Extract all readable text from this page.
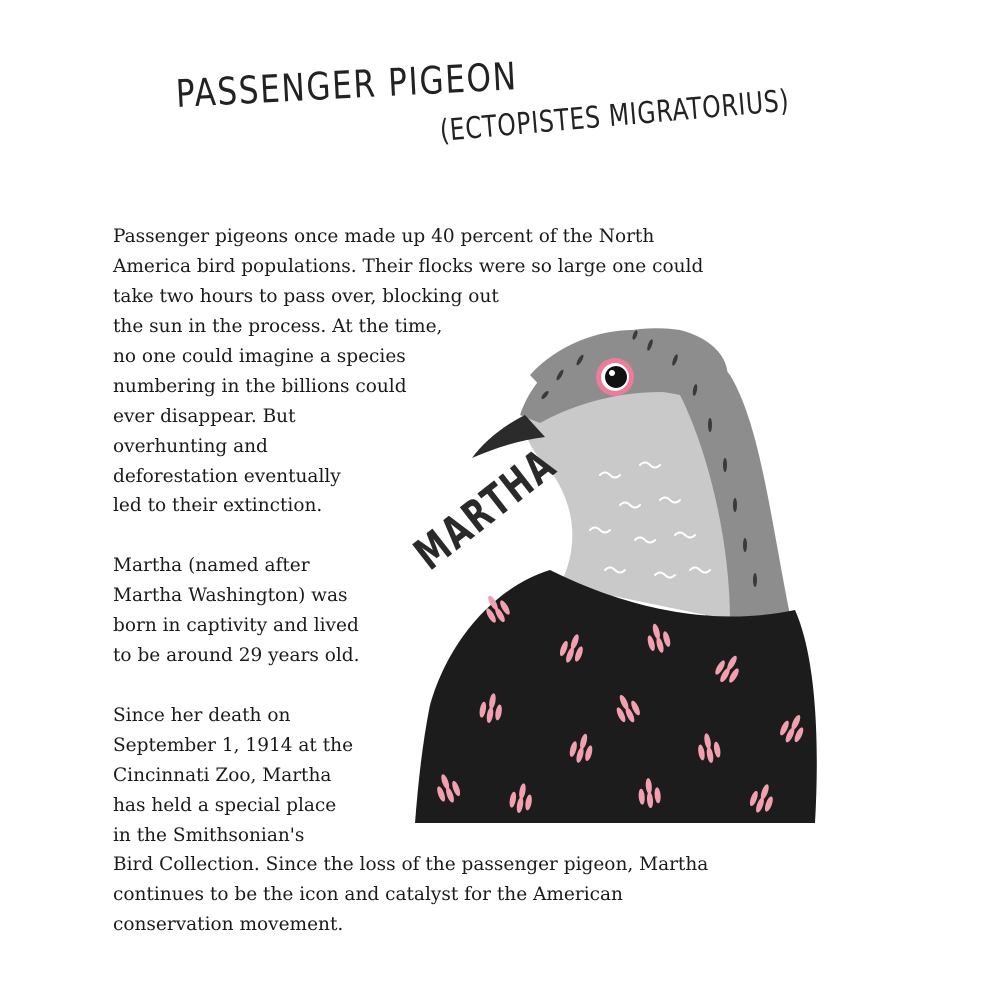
PASSENGER PIGEON
(ECTOPISTES MIGRATORIUS)
Passenger pigeons once made up 40 percent of the North
America bird populations. Their flocks were so large one could
take two hours to pass over, blocking out
the sun in the process. At the time,
no one could imagine a species
numbering in the billions could
ever disappear. But
overhunting and
deforestation eventually
led to their extinction.
Martha (named after
Martha Washington) was
born in captivity and lived
to be around 29 years old.
Since her death on
September 1, 1914 at the
Cincinnati Zoo, Martha
has held a special place
in the Smithsonian's
Bird Collection. Since the loss of the passenger pigeon, Martha
continues to be the icon and catalyst for the American
conservation movement.
MARTHA
